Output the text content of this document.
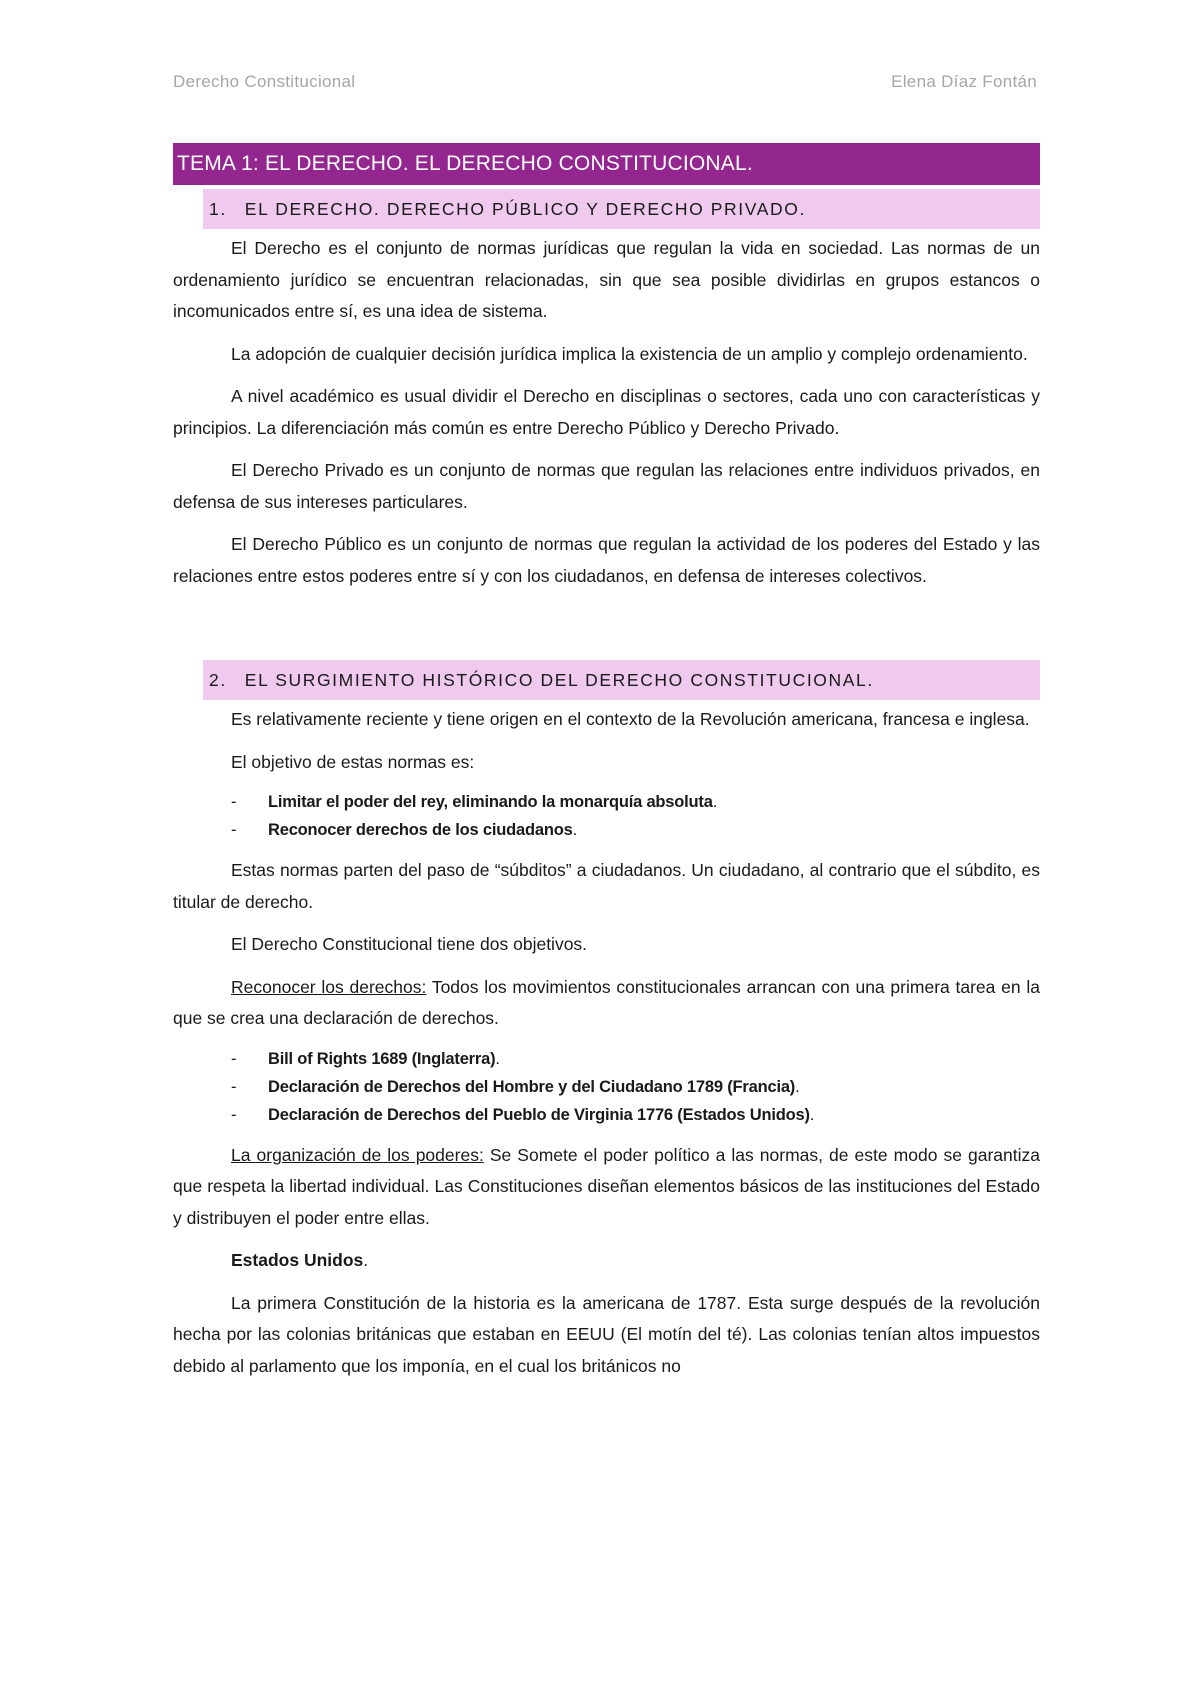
Derecho Constitucional	Elena Díaz Fontán
TEMA 1: EL DERECHO. EL DERECHO CONSTITUCIONAL.
1. EL DERECHO. DERECHO PÚBLICO Y DERECHO PRIVADO.

El Derecho es el conjunto de normas jurídicas que regulan la vida en sociedad. Las normas de un ordenamiento jurídico se encuentran relacionadas, sin que sea posible dividirlas en grupos estancos o incomunicados entre sí, es una idea de sistema.

La adopción de cualquier decisión jurídica implica la existencia de un amplio y complejo ordenamiento.

A nivel académico es usual dividir el Derecho en disciplinas o sectores, cada uno con características y principios. La diferenciación más común es entre Derecho Público y Derecho Privado.

El Derecho Privado es un conjunto de normas que regulan las relaciones entre individuos privados, en defensa de sus intereses particulares.

El Derecho Público es un conjunto de normas que regulan la actividad de los poderes del Estado y las relaciones entre estos poderes entre sí y con los ciudadanos, en defensa de intereses colectivos.

2. EL SURGIMIENTO HISTÓRICO DEL DERECHO CONSTITUCIONAL.

Es relativamente reciente y tiene origen en el contexto de la Revolución americana, francesa e inglesa.

El objetivo de estas normas es:

- Limitar el poder del rey, eliminando la monarquía absoluta.
- Reconocer derechos de los ciudadanos.

Estas normas parten del paso de “súbditos” a ciudadanos. Un ciudadano, al contrario que el súbdito, es titular de derecho.

El Derecho Constitucional tiene dos objetivos.

Reconocer los derechos: Todos los movimientos constitucionales arrancan con una primera tarea en la que se crea una declaración de derechos.

- Bill of Rights 1689 (Inglaterra).
- Declaración de Derechos del Hombre y del Ciudadano 1789 (Francia).
- Declaración de Derechos del Pueblo de Virginia 1776 (Estados Unidos).

La organización de los poderes: Se Somete el poder político a las normas, de este modo se garantiza que respeta la libertad individual. Las Constituciones diseñan elementos básicos de las instituciones del Estado y distribuyen el poder entre ellas.

Estados Unidos.

La primera Constitución de la historia es la americana de 1787. Esta surge después de la revolución hecha por las colonias británicas que estaban en EEUU (El motín del té). Las colonias tenían altos impuestos debido al parlamento que los imponía, en el cual los británicos no
